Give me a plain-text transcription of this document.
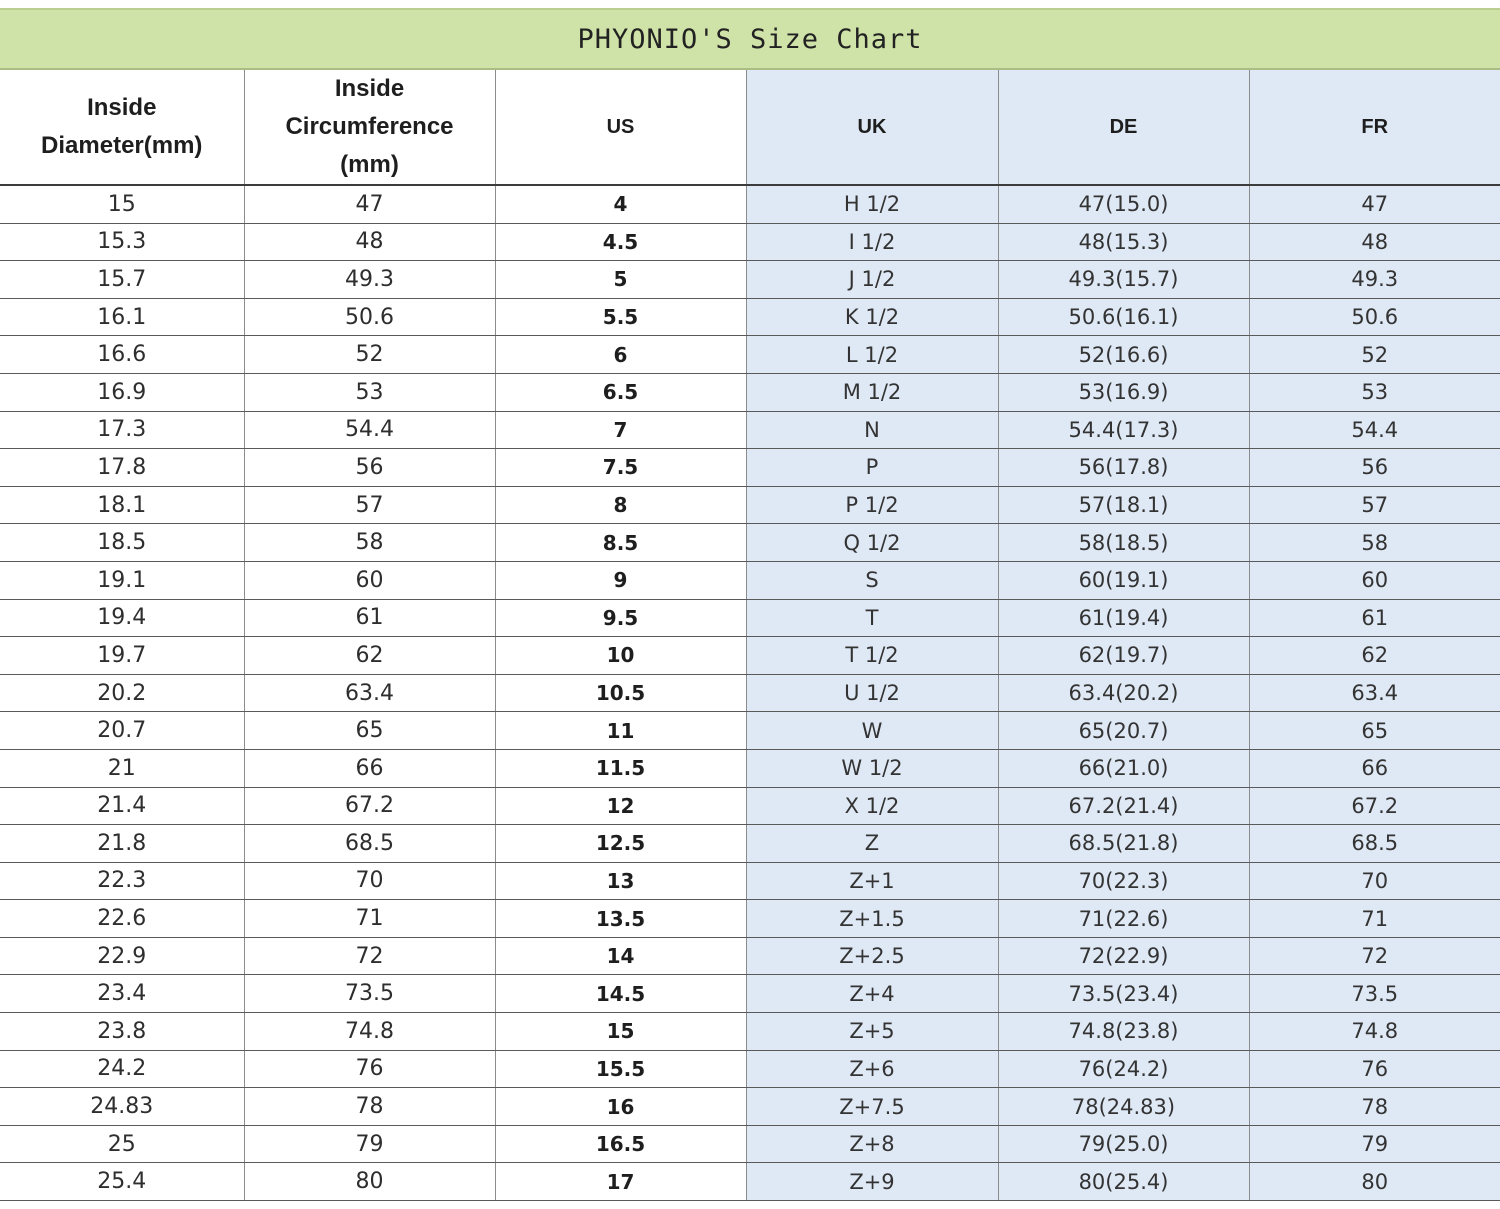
PHYONIO'S Size Chart
Inside
Diameter(mm)	Inside
Circumference
(mm)	US	UK	DE	FR
15	47	4	H 1/2	47(15.0)	47
15.3	48	4.5	I 1/2	48(15.3)	48
15.7	49.3	5	J 1/2	49.3(15.7)	49.3
16.1	50.6	5.5	K 1/2	50.6(16.1)	50.6
16.6	52	6	L 1/2	52(16.6)	52
16.9	53	6.5	M 1/2	53(16.9)	53
17.3	54.4	7	N	54.4(17.3)	54.4
17.8	56	7.5	P	56(17.8)	56
18.1	57	8	P 1/2	57(18.1)	57
18.5	58	8.5	Q 1/2	58(18.5)	58
19.1	60	9	S	60(19.1)	60
19.4	61	9.5	T	61(19.4)	61
19.7	62	10	T 1/2	62(19.7)	62
20.2	63.4	10.5	U 1/2	63.4(20.2)	63.4
20.7	65	11	W	65(20.7)	65
21	66	11.5	W 1/2	66(21.0)	66
21.4	67.2	12	X 1/2	67.2(21.4)	67.2
21.8	68.5	12.5	Z	68.5(21.8)	68.5
22.3	70	13	Z+1	70(22.3)	70
22.6	71	13.5	Z+1.5	71(22.6)	71
22.9	72	14	Z+2.5	72(22.9)	72
23.4	73.5	14.5	Z+4	73.5(23.4)	73.5
23.8	74.8	15	Z+5	74.8(23.8)	74.8
24.2	76	15.5	Z+6	76(24.2)	76
24.83	78	16	Z+7.5	78(24.83)	78
25	79	16.5	Z+8	79(25.0)	79
25.4	80	17	Z+9	80(25.4)	80
